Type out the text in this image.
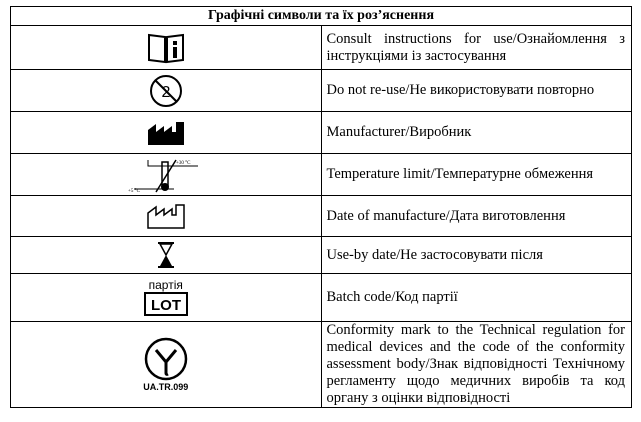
Графічні символи та їх роз’яснення	

	Consult instructions for use/Ознайомлення з інструкціями із застосування

2	Do not re-use/Не використовувати повторно

	Manufacturer/Виробник

+30 °C
+5 °C	Temperature limit/Температурне обмеження

	Date of manufacture/Дата виготовлення

	Use-by date/Не застосовувати після

партія
LOT	Batch code/Код партії

UA.TR.099	Conformity mark to the Technical regulation for medical devices and the code of the conformity assessment body/Знак відповідності Технічному регламенту щодо медичних виробів та код органу з оцінки відповідності
